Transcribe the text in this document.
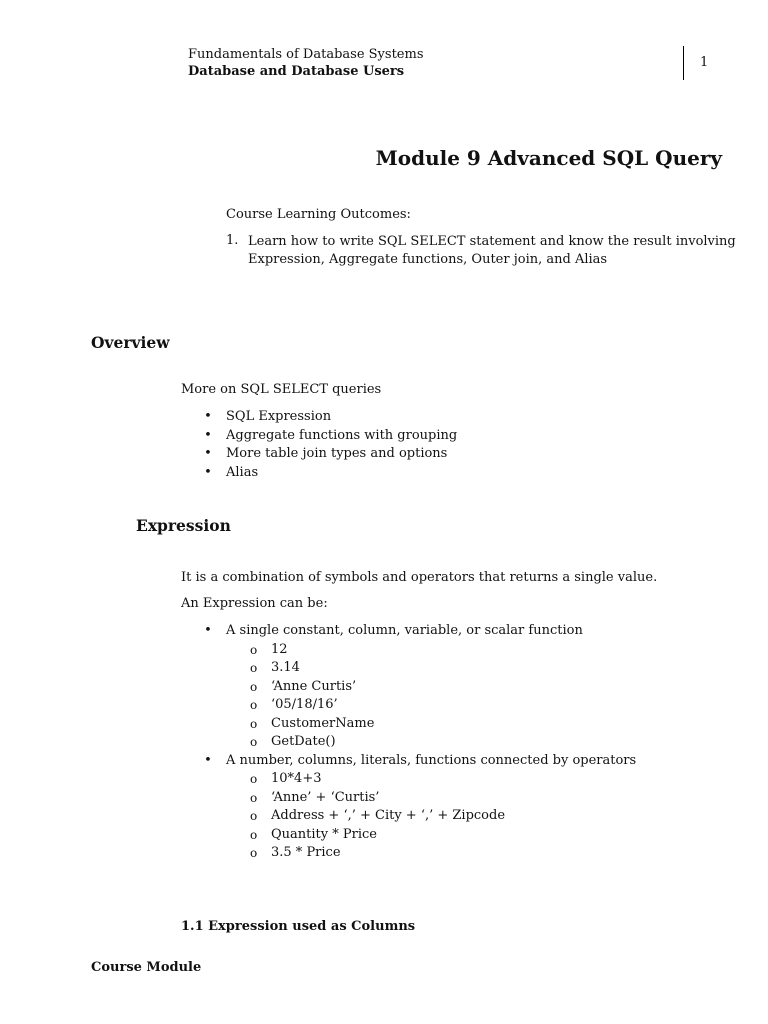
Fundamentals of Database Systems
Database and Database Users
1
Module 9 Advanced SQL Query
Course Learning Outcomes:
1. Learn how to write SQL SELECT statement and know the result involving
Expression, Aggregate functions, Outer join, and Alias
Overview
More on SQL SELECT queries
• SQL Expression
• Aggregate functions with grouping
• More table join types and options
• Alias
Expression
It is a combination of symbols and operators that returns a single value.
An Expression can be:
• A single constant, column, variable, or scalar function
o 12
o 3.14
o ‘Anne Curtis’
o ‘05/18/16’
o CustomerName
o GetDate()
• A number, columns, literals, functions connected by operators
o 10*4+3
o ‘Anne’ + ‘Curtis’
o Address + ‘,’ + City + ‘,’ + Zipcode
o Quantity * Price
o 3.5 * Price
1.1 Expression used as Columns
Course Module
